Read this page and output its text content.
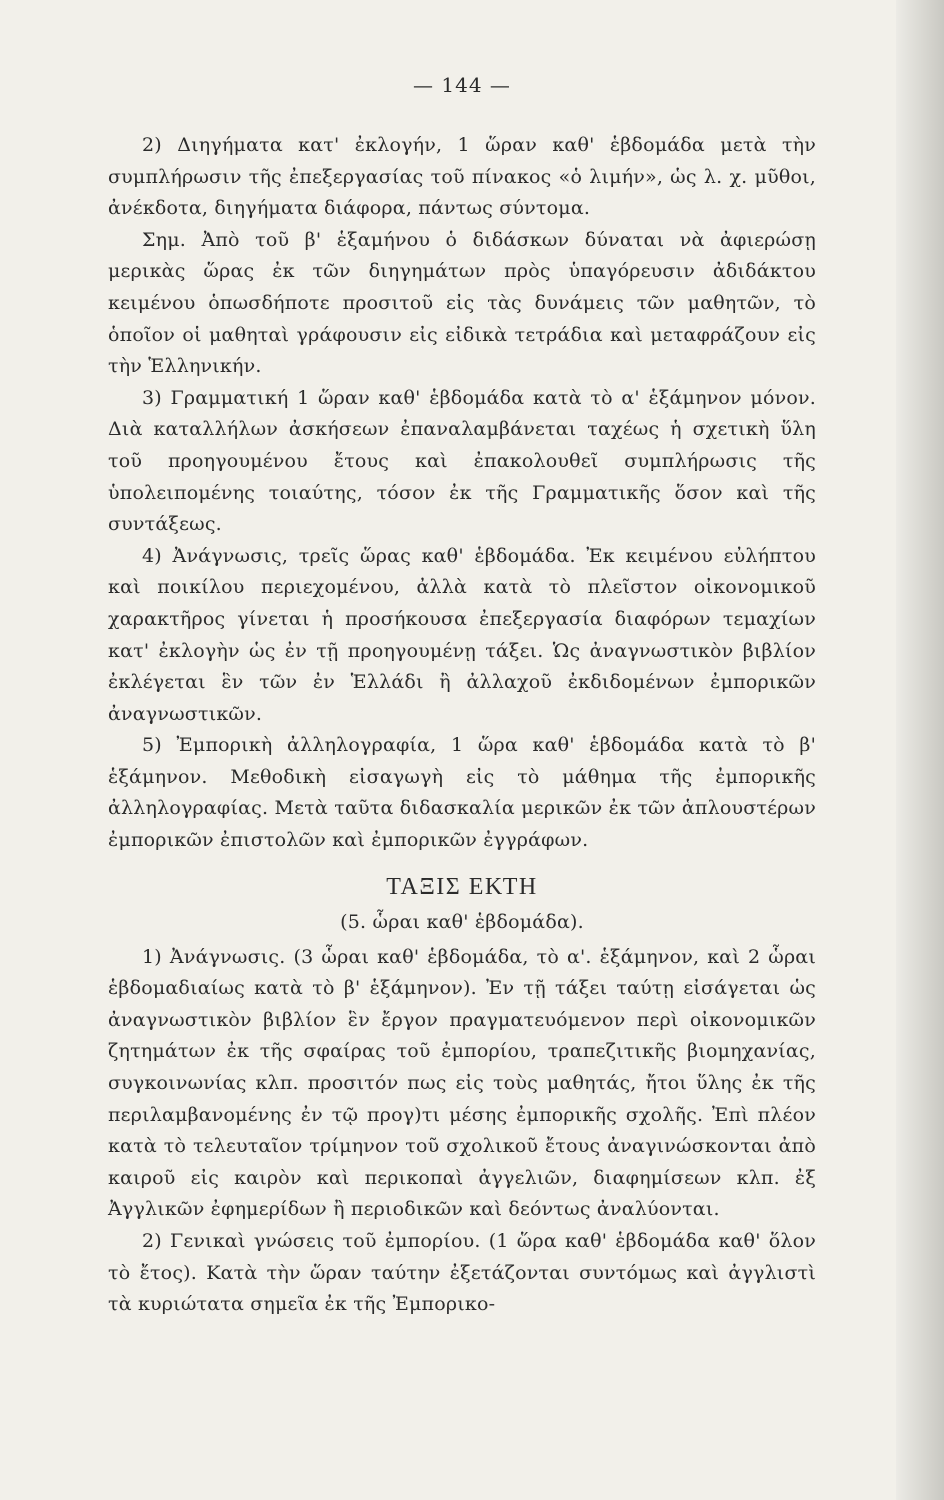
— 144 —

2) Διηγήματα κατ' ἐκλογήν, 1 ὥραν καθ' ἑβδομάδα μετὰ τὴν συμπλήρωσιν τῆς ἐπεξεργασίας τοῦ πίνακος «ὁ λιμήν», ὡς λ. χ. μῦθοι, ἀνέκδοτα, διηγήματα διάφορα, πάντως σύντομα.

Σημ. Ἀπὸ τοῦ β' ἑξαμήνου ὁ διδάσκων δύναται νὰ ἀφιερώσῃ μερικὰς ὥρας ἐκ τῶν διηγημάτων πρὸς ὑπαγόρευσιν ἀδιδάκτου κειμένου ὁπωσδήποτε προσιτοῦ εἰς τὰς δυνάμεις τῶν μαθητῶν, τὸ ὁποῖον οἱ μαθηταὶ γράφουσιν εἰς εἰδικὰ τετράδια καὶ μεταφράζουν εἰς τὴν Ἑλληνικήν.

3) Γραμματική 1 ὥραν καθ' ἑβδομάδα κατὰ τὸ α' ἑξάμηνον μόνον. Διὰ καταλλήλων ἀσκήσεων ἐπαναλαμβάνεται ταχέως ἡ σχετικὴ ὕλη τοῦ προηγουμένου ἔτους καὶ ἐπακολουθεῖ συμπλήρωσις τῆς ὑπολειπομένης τοιαύτης, τόσον ἐκ τῆς Γραμματικῆς ὅσον καὶ τῆς συντάξεως.

4) Ἀνάγνωσις, τρεῖς ὥρας καθ' ἑβδομάδα. Ἐκ κειμένου εὐλήπτου καὶ ποικίλου περιεχομένου, ἀλλὰ κατὰ τὸ πλεῖστον οἰκονομικοῦ χαρακτῆρος γίνεται ἡ προσήκουσα ἐπεξεργασία διαφόρων τεμαχίων κατ' ἐκλογὴν ὡς ἐν τῇ προηγουμένῃ τάξει. Ὡς ἀναγνωστικὸν βιβλίον ἐκλέγεται ἓν τῶν ἐν Ἑλλάδι ἢ ἀλλαχοῦ ἐκδιδομένων ἐμπορικῶν ἀναγνωστικῶν.

5) Ἐμπορικὴ ἀλληλογραφία, 1 ὥρα καθ' ἑβδομάδα κατὰ τὸ β' ἑξάμηνον. Μεθοδικὴ εἰσαγωγὴ εἰς τὸ μάθημα τῆς ἐμπορικῆς ἀλληλογραφίας. Μετὰ ταῦτα διδασκαλία μερικῶν ἐκ τῶν ἁπλουστέρων ἐμπορικῶν ἐπιστολῶν καὶ ἐμπορικῶν ἐγγράφων.

ΤΑΞΙΣ ΕΚΤΗ
(5. ὧραι καθ' ἑβδομάδα).

1) Ἀνάγνωσις. (3 ὧραι καθ' ἑβδομάδα, τὸ α'. ἑξάμηνον, καὶ 2 ὧραι ἑβδομαδιαίως κατὰ τὸ β' ἑξάμηνον). Ἐν τῇ τάξει ταύτῃ εἰσάγεται ὡς ἀναγνωστικὸν βιβλίον ἓν ἔργον πραγματευόμενον περὶ οἰκονομικῶν ζητημάτων ἐκ τῆς σφαίρας τοῦ ἐμπορίου, τραπεζιτικῆς βιομηχανίας, συγκοινωνίας κλπ. προσιτόν πως εἰς τοὺς μαθητάς, ἤτοι ὕλης ἐκ τῆς περιλαμβανομένης ἐν τῷ προγ)τι μέσης ἐμπορικῆς σχολῆς. Ἐπὶ πλέον κατὰ τὸ τελευταῖον τρίμηνον τοῦ σχολικοῦ ἔτους ἀναγινώσκονται ἀπὸ καιροῦ εἰς καιρὸν καὶ περικοπαὶ ἀγγελιῶν, διαφημίσεων κλπ. ἐξ Ἀγγλικῶν ἐφημερίδων ἢ περιοδικῶν καὶ δεόντως ἀναλύονται.

2) Γενικαὶ γνώσεις τοῦ ἐμπορίου. (1 ὥρα καθ' ἑβδομάδα καθ' ὅλον τὸ ἔτος). Κατὰ τὴν ὥραν ταύτην ἐξετάζονται συντόμως καὶ ἀγγλιστὶ τὰ κυριώτατα σημεῖα ἐκ τῆς Ἐμπορικο-
